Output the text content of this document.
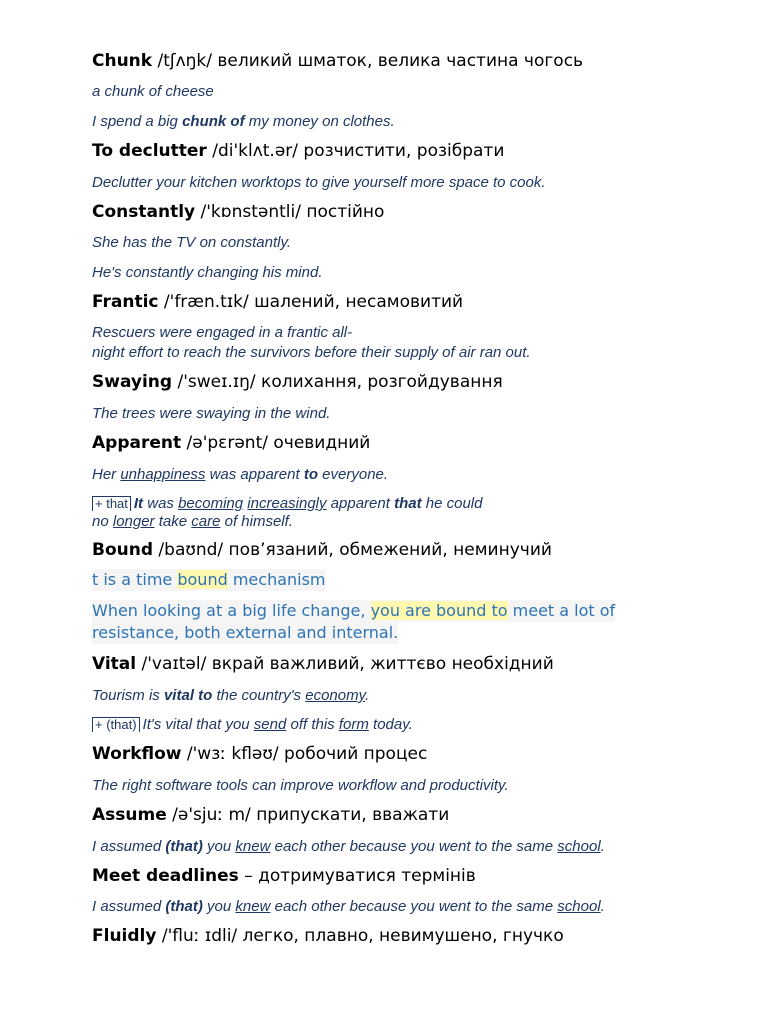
Chunk /tʃʌŋk/ великий шматок, велика частина чогось
a chunk of cheese
I spend a big chunk of my money on clothes.
To declutter /di'klʌt.ər/ розчистити, розібрати
Declutter your kitchen worktops to give yourself more space to cook.
Constantly /'kɒnstəntli/ постійно
She has the TV on constantly.
He's constantly changing his mind.
Frantic /'fræn.tɪk/ шалений, несамовитий
Rescuers were engaged in a frantic all-
night effort to reach the survivors before their supply of air ran out.
Swaying /'sweɪ.ɪŋ/ колихання, розгойдування
The trees were swaying in the wind.
Apparent /ə'pɛrənt/ очевидний
Her unhappiness was apparent to everyone.
+ that It was becoming increasingly apparent that he could
no longer take care of himself.
Bound /baʊnd/ пов’язаний, обмежений, неминучий
t is a time bound mechanism
When looking at a big life change, you are bound to meet a lot of
resistance, both external and internal.
Vital /'vaɪtəl/ вкрай важливий, життєво необхідний
Tourism is vital to the country's economy.
+ (that) It's vital that you send off this form today.
Workflow /'wɜː kfləʊ/ робочий процес
The right software tools can improve workflow and productivity.
Assume /ə'sjuː m/ припускати, вважати
I assumed (that) you knew each other because you went to the same school.
Meet deadlines – дотримуватися термінів
I assumed (that) you knew each other because you went to the same school.
Fluidly /'fluː ɪdli/ легко, плавно, невимушено, гнучко
